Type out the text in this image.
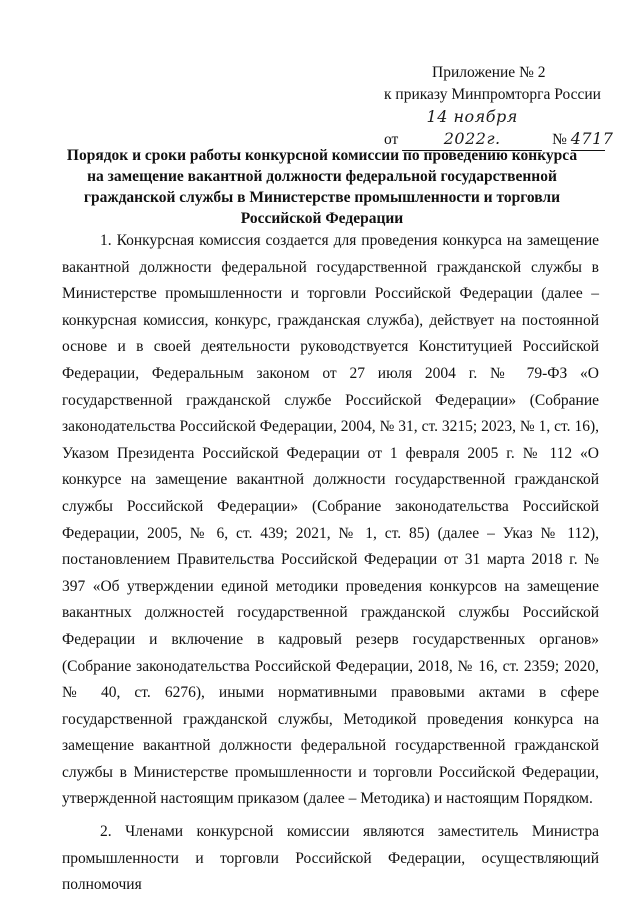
Приложение № 2
к приказу Минпромторга России
от 14 ноября 2022г.	№ 4717
Порядок и сроки работы конкурсной комиссии по проведению конкурса
на замещение вакантной должности федеральной государственной
гражданской службы в Министерстве промышленности и торговли
Российской Федерации

1. Конкурсная комиссия создается для проведения конкурса на замещение вакантной должности федеральной государственной гражданской службы в Министерстве промышленности и торговли Российской Федерации (далее – конкурсная комиссия, конкурс, гражданская служба), действует на постоянной основе и в своей деятельности руководствуется Конституцией Российской Федерации, Федеральным законом от 27 июля 2004 г. № 79-ФЗ «О государственной гражданской службе Российской Федерации» (Собрание законодательства Российской Федерации, 2004, № 31, ст. 3215; 2023, № 1, ст. 16), Указом Президента Российской Федерации от 1 февраля 2005 г. № 112 «О конкурсе на замещение вакантной должности государственной гражданской службы Российской Федерации» (Собрание законодательства Российской Федерации, 2005, № 6, ст. 439; 2021, № 1, ст. 85) (далее – Указ № 112), постановлением Правительства Российской Федерации от 31 марта 2018 г. № 397 «Об утверждении единой методики проведения конкурсов на замещение вакантных должностей государственной гражданской службы Российской Федерации и включение в кадровый резерв государственных органов» (Собрание законодательства Российской Федерации, 2018, № 16, ст. 2359; 2020, № 40, ст. 6276), иными нормативными правовыми актами в сфере государственной гражданской службы, Методикой проведения конкурса на замещение вакантной должности федеральной государственной гражданской службы в Министерстве промышленности и торговли Российской Федерации, утвержденной настоящим приказом (далее – Методика) и настоящим Порядком.

2. Членами конкурсной комиссии являются заместитель Министра промышленности и торговли Российской Федерации, осуществляющий полномочия
